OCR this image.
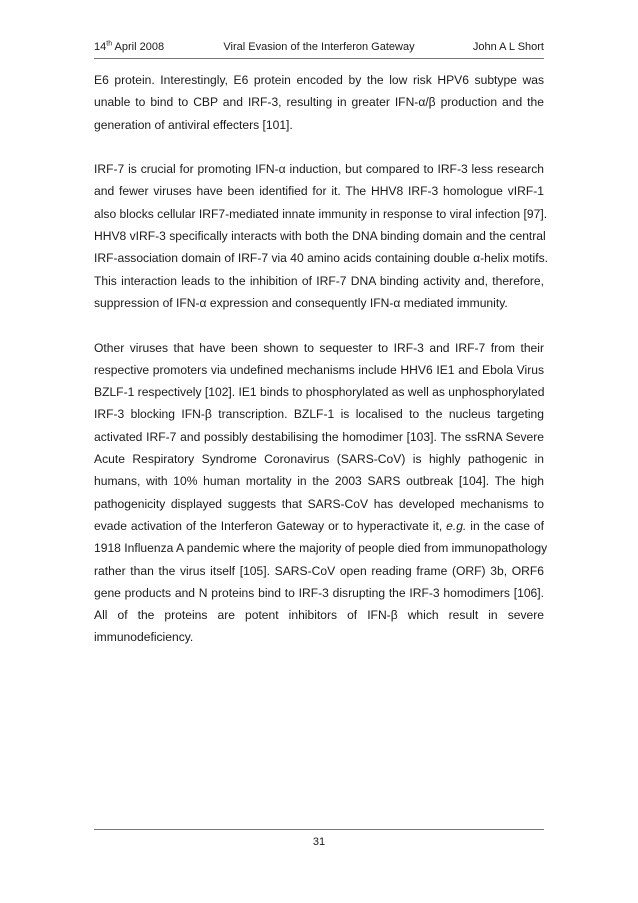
14th April 2008	Viral Evasion of the Interferon Gateway	John A L Short

E6 protein. Interestingly, E6 protein encoded by the low risk HPV6 subtype was
unable to bind to CBP and IRF-3, resulting in greater IFN-α/β production and the
generation of antiviral effecters [101].

IRF-7 is crucial for promoting IFN-α induction, but compared to IRF-3 less research
and fewer viruses have been identified for it. The HHV8 IRF-3 homologue vIRF-1
also blocks cellular IRF7-mediated innate immunity in response to viral infection [97].
HHV8 vIRF-3 specifically interacts with both the DNA binding domain and the central
IRF-association domain of IRF-7 via 40 amino acids containing double α-helix motifs.
This interaction leads to the inhibition of IRF-7 DNA binding activity and, therefore,
suppression of IFN-α expression and consequently IFN-α mediated immunity.

Other viruses that have been shown to sequester to IRF-3 and IRF-7 from their
respective promoters via undefined mechanisms include HHV6 IE1 and Ebola Virus
BZLF-1 respectively [102]. IE1 binds to phosphorylated as well as unphosphorylated
IRF-3 blocking IFN-β transcription. BZLF-1 is localised to the nucleus targeting
activated IRF-7 and possibly destabilising the homodimer [103]. The ssRNA Severe
Acute Respiratory Syndrome Coronavirus (SARS-CoV) is highly pathogenic in
humans, with 10% human mortality in the 2003 SARS outbreak [104]. The high
pathogenicity displayed suggests that SARS-CoV has developed mechanisms to
evade activation of the Interferon Gateway or to hyperactivate it, e.g. in the case of
1918 Influenza A pandemic where the majority of people died from immunopathology
rather than the virus itself [105]. SARS-CoV open reading frame (ORF) 3b, ORF6
gene products and N proteins bind to IRF-3 disrupting the IRF-3 homodimers [106].
All of the proteins are potent inhibitors of IFN-β which result in severe
immunodeficiency.

31
